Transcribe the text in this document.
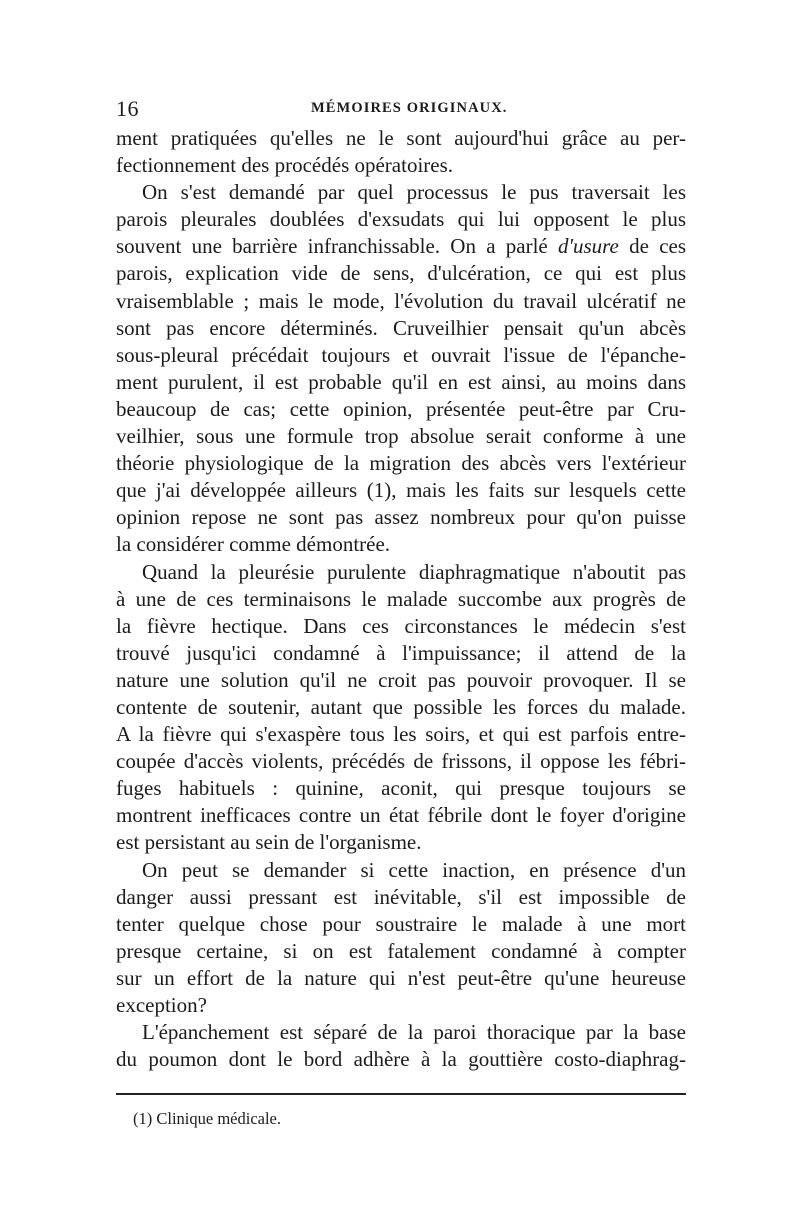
16	MÉMOIRES ORIGINAUX.
ment pratiquées qu'elles ne le sont aujourd'hui grâce au per-
fectionnement des procédés opératoires.
On s'est demandé par quel processus le pus traversait les
parois pleurales doublées d'exsudats qui lui opposent le plus
souvent une barrière infranchissable. On a parlé d'usure de ces
parois, explication vide de sens, d'ulcération, ce qui est plus
vraisemblable ; mais le mode, l'évolution du travail ulcératif ne
sont pas encore déterminés. Cruveilhier pensait qu'un abcès
sous-pleural précédait toujours et ouvrait l'issue de l'épanche-
ment purulent, il est probable qu'il en est ainsi, au moins dans
beaucoup de cas; cette opinion, présentée peut-être par Cru-
veilhier, sous une formule trop absolue serait conforme à une
théorie physiologique de la migration des abcès vers l'extérieur
que j'ai développée ailleurs (1), mais les faits sur lesquels cette
opinion repose ne sont pas assez nombreux pour qu'on puisse
la considérer comme démontrée.
Quand la pleurésie purulente diaphragmatique n'aboutit pas
à une de ces terminaisons le malade succombe aux progrès de
la fièvre hectique. Dans ces circonstances le médecin s'est
trouvé jusqu'ici condamné à l'impuissance; il attend de la
nature une solution qu'il ne croit pas pouvoir provoquer. Il se
contente de soutenir, autant que possible les forces du malade.
A la fièvre qui s'exaspère tous les soirs, et qui est parfois entre-
coupée d'accès violents, précédés de frissons, il oppose les fébri-
fuges habituels : quinine, aconit, qui presque toujours se
montrent inefficaces contre un état fébrile dont le foyer d'origine
est persistant au sein de l'organisme.
On peut se demander si cette inaction, en présence d'un
danger aussi pressant est inévitable, s'il est impossible de
tenter quelque chose pour soustraire le malade à une mort
presque certaine, si on est fatalement condamné à compter
sur un effort de la nature qui n'est peut-être qu'une heureuse
exception?
L'épanchement est séparé de la paroi thoracique par la base
du poumon dont le bord adhère à la gouttière costo-diaphrag-
(1) Clinique médicale.
